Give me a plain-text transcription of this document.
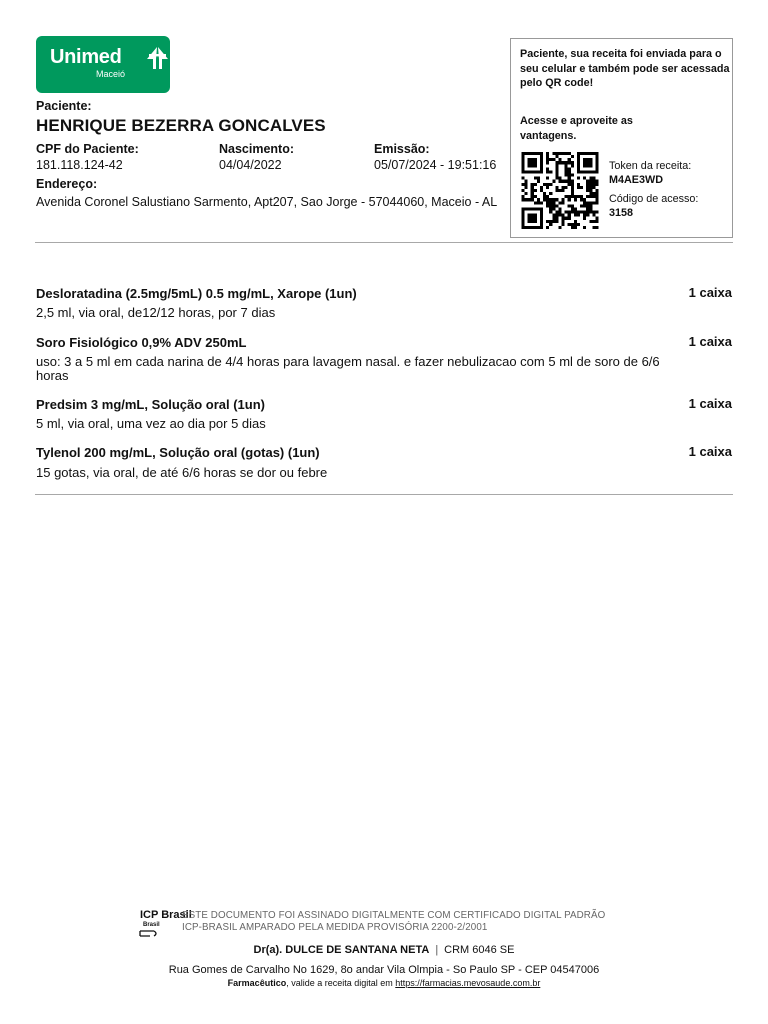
Unimed
Maceió
Paciente:
HENRIQUE BEZERRA GONCALVES
CPF do Paciente:
181.118.124-42
Nascimento:
04/04/2022
Emissão:
05/07/2024 - 19:51:16
Endereço:
Avenida Coronel Salustiano Sarmento, Apt207, Sao Jorge - 57044060, Maceio - AL
Paciente, sua receita foi enviada para o seu celular e também pode ser acessada pelo QR code!
Acesse e aproveite as vantagens.
Token da receita:
M4AE3WD
Código de acesso:
3158
Desloratadina (2.5mg/5mL) 0.5 mg/mL, Xarope (1un)	1 caixa
2,5 ml, via oral, de12/12 horas, por 7 dias
Soro Fisiológico 0,9% ADV 250mL	1 caixa
uso: 3 a 5 ml em cada narina de 4/4 horas para lavagem nasal. e fazer nebulizacao com 5 ml de soro de 6/6 horas
Predsim 3 mg/mL, Solução oral (1un)	1 caixa
5 ml, via oral, uma vez ao dia por 5 dias
Tylenol 200 mg/mL, Solução oral (gotas) (1un)	1 caixa
15 gotas, via oral, de até 6/6 horas se dor ou febre
ICP Brasil
Brasil
ESTE DOCUMENTO FOI ASSINADO DIGITALMENTE COM CERTIFICADO DIGITAL PADRÃO
ICP-BRASIL AMPARADO PELA MEDIDA PROVISÓRIA 2200-2/2001
Dr(a). DULCE DE SANTANA NETA | CRM 6046 SE
Rua Gomes de Carvalho No 1629, 8o andar Vila Olmpia - So Paulo SP - CEP 04547006
Farmacêutico, valide a receita digital em https://farmacias.mevosaude.com.br
